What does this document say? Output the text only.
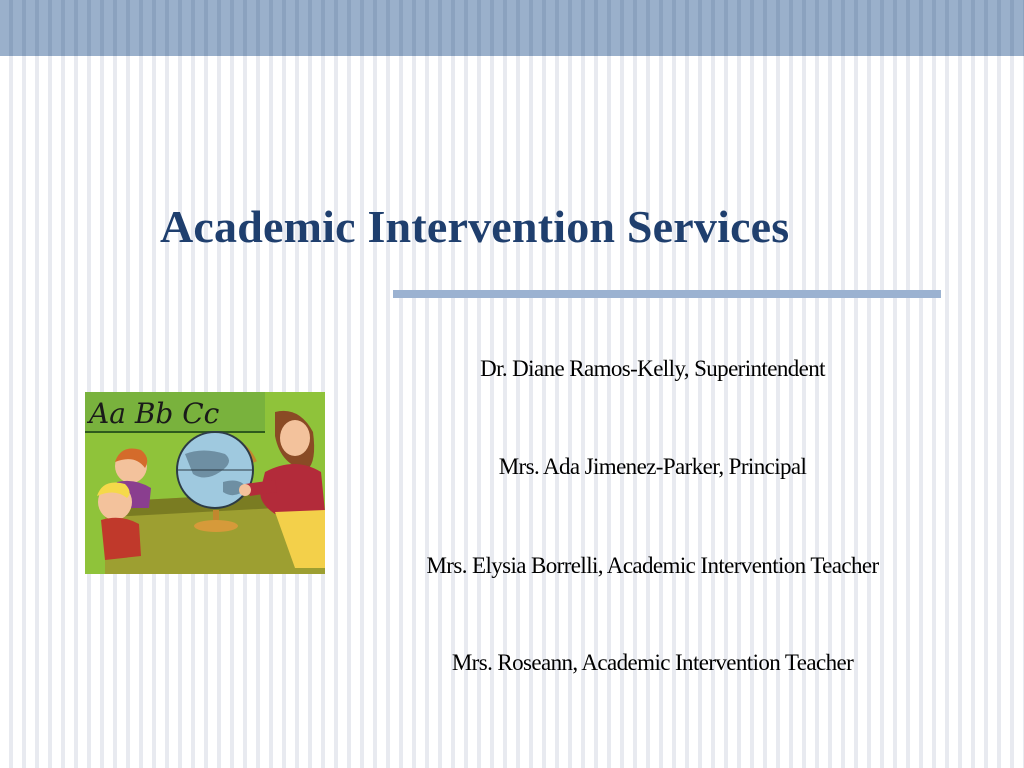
Academic Intervention Services
Dr. Diane Ramos-Kelly, Superintendent
Mrs. Ada Jimenez-Parker, Principal
Mrs. Elysia Borrelli, Academic Intervention Teacher
Mrs. Roseann, Academic Intervention Teacher
Aa Bb Cc
